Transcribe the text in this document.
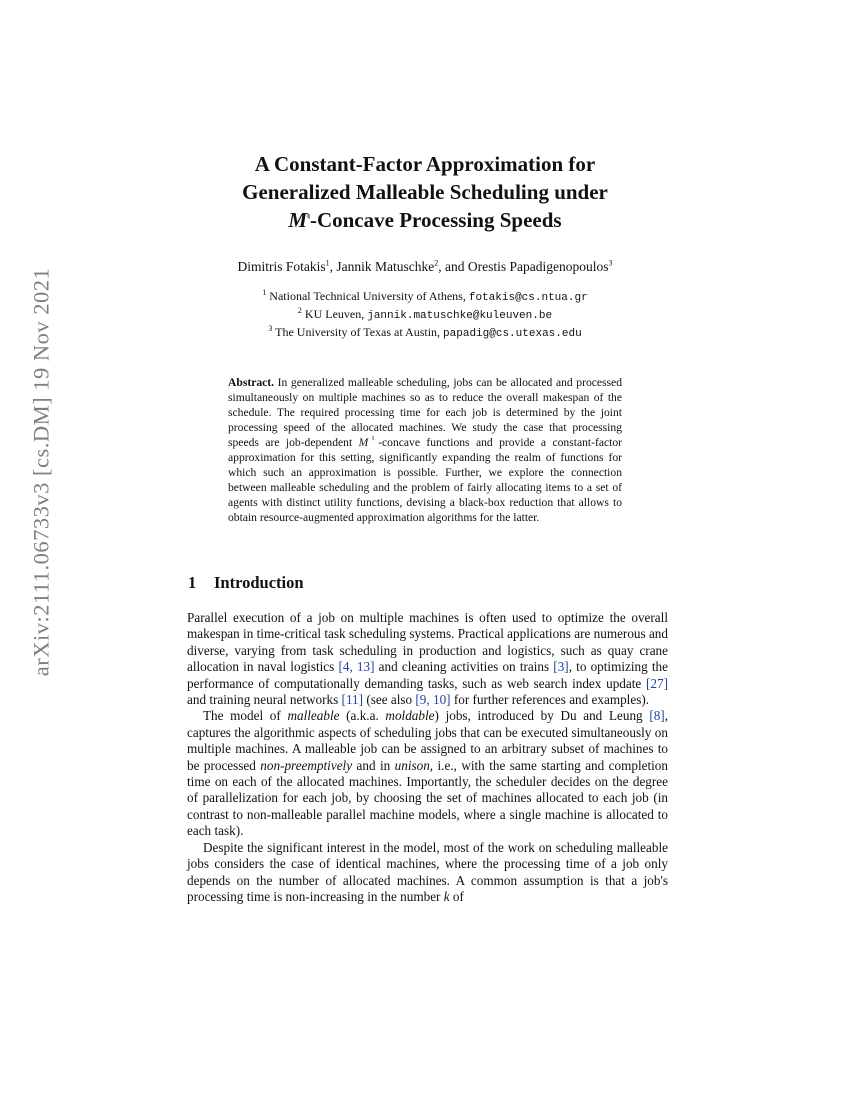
arXiv:2111.06733v3 [cs.DM] 19 Nov 2021
A Constant-Factor Approximation for
Generalized Malleable Scheduling under
M♮-Concave Processing Speeds
Dimitris Fotakis$^1$, Jannik Matuschke$^2$, and Orestis Papadigenopoulos$^3$
$^1$ National Technical University of Athens, fotakis@cs.ntua.gr
$^2$ KU Leuven, jannik.matuschke@kuleuven.be
$^3$ The University of Texas at Austin, papadig@cs.utexas.edu
Abstract. In generalized malleable scheduling, jobs can be allocated and processed simultaneously on multiple machines so as to reduce the overall makespan of the schedule. The required processing time for each job is determined by the joint processing speed of the allocated machines. We study the case that processing speeds are job-dependent M♮-concave functions and provide a constant-factor approximation for this setting, significantly expanding the realm of functions for which such an approximation is possible. Further, we explore the connection between malleable scheduling and the problem of fairly allocating items to a set of agents with distinct utility functions, devising a black-box reduction that allows to obtain resource-augmented approximation algorithms for the latter.
1 Introduction

Parallel execution of a job on multiple machines is often used to optimize the overall makespan in time-critical task scheduling systems. Practical applications are numerous and diverse, varying from task scheduling in production and logistics, such as quay crane allocation in naval logistics [4, 13] and cleaning activities on trains [3], to optimizing the performance of computationally demanding tasks, such as web search index update [27] and training neural networks [11] (see also [9, 10] for further references and examples).

The model of malleable (a.k.a. moldable) jobs, introduced by Du and Leung [8], captures the algorithmic aspects of scheduling jobs that can be executed simultaneously on multiple machines. A malleable job can be assigned to an arbitrary subset of machines to be processed non-preemptively and in unison, i.e., with the same starting and completion time on each of the allocated machines. Importantly, the scheduler decides on the degree of parallelization for each job, by choosing the set of machines allocated to each job (in contrast to non-malleable parallel machine models, where a single machine is allocated to each task).

Despite the significant interest in the model, most of the work on scheduling malleable jobs considers the case of identical machines, where the processing time of a job only depends on the number of allocated machines. A common assumption is that a job's processing time is non-increasing in the number k of
